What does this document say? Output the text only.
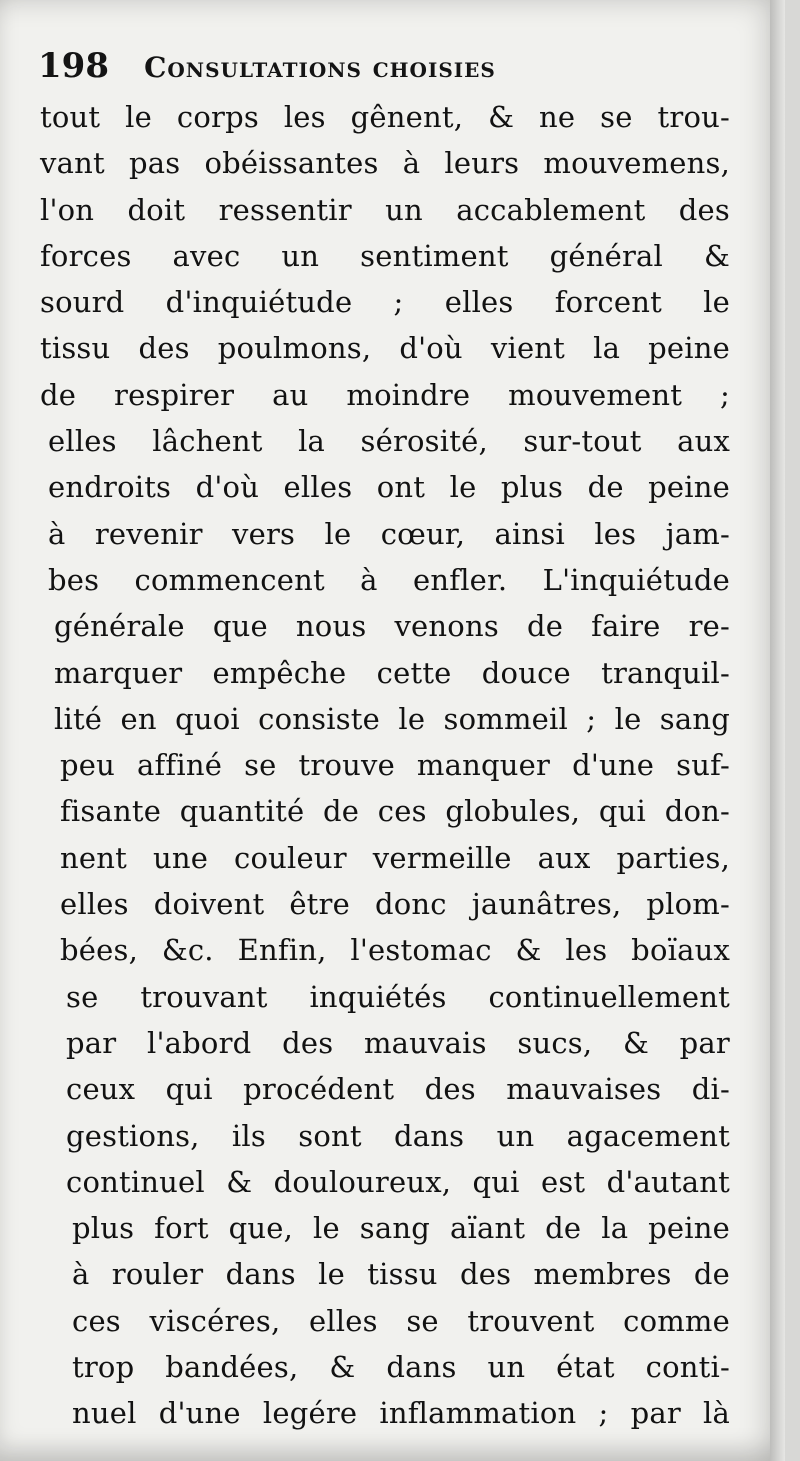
198 Consultations choisies
tout le corps les gênent, & ne se trou-
vant pas obéissantes à leurs mouvemens,
l'on doit ressentir un accablement des
forces avec un sentiment général &
sourd d'inquiétude ; elles forcent le
tissu des poulmons, d'où vient la peine
de respirer au moindre mouvement ;
elles lâchent la sérosité, sur-tout aux
endroits d'où elles ont le plus de peine
à revenir vers le cœur, ainsi les jam-
bes commencent à enfler. L'inquiétude
générale que nous venons de faire re-
marquer empêche cette douce tranquil-
lité en quoi consiste le sommeil ; le sang
peu affiné se trouve manquer d'une suf-
fisante quantité de ces globules, qui don-
nent une couleur vermeille aux parties,
elles doivent être donc jaunâtres, plom-
bées, &c. Enfin, l'estomac & les boïaux
se trouvant inquiétés continuellement
par l'abord des mauvais sucs, & par
ceux qui procédent des mauvaises di-
gestions, ils sont dans un agacement
continuel & douloureux, qui est d'autant
plus fort que, le sang aïant de la peine
à rouler dans le tissu des membres de
ces viscéres, elles se trouvent comme
trop bandées, & dans un état conti-
nuel d'une legére inflammation ; par là
